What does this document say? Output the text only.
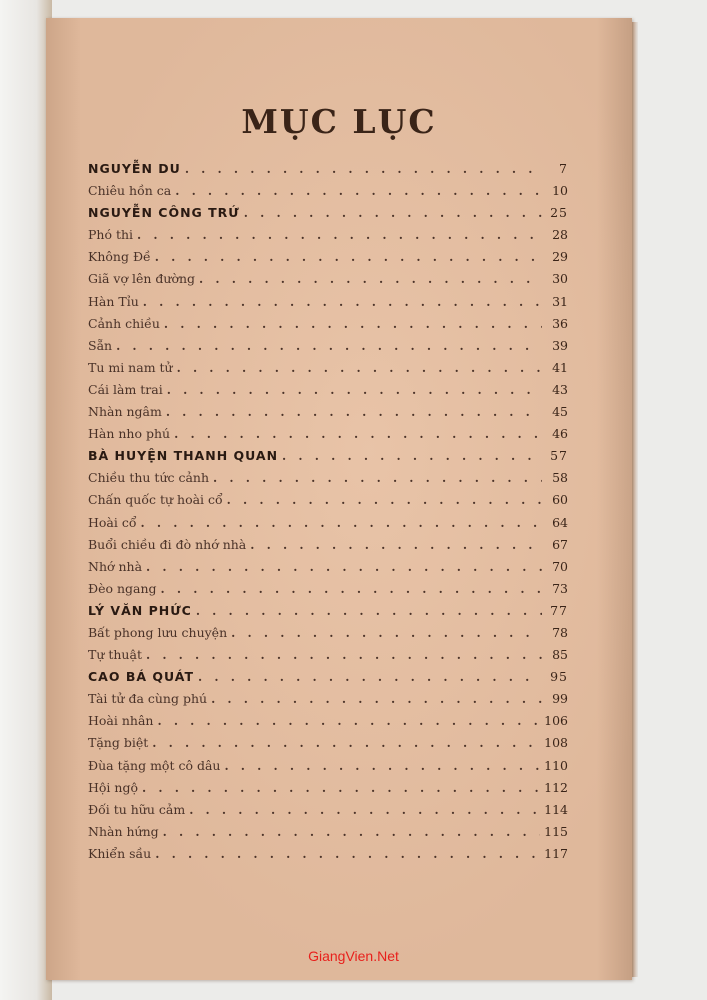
MỤC LỤC
NGUYỄN DU . . .	7
Chiêu hồn ca . . .	10
NGUYỄN CÔNG TRỨ . . .	25
Phó thi . . .	28
Không Đề . . .	29
Giã vợ lên đường . . .	30
Hàn Tỉu . . .	31
Cảnh chiều . . .	36
Sẵn . . .	39
Tu mi nam tử . . .	41
Cái làm trai . . .	43
Nhàn ngâm . . .	45
Hàn nho phú . . .	46
BÀ HUYỆN THANH QUAN . . .	57
Chiều thu tức cảnh . . .	58
Chấn quốc tự hoài cổ . . .	60
Hoài cổ . . .	64
Buổi chiều đi đò nhớ nhà . . .	67
Nhớ nhà . . .	70
Đèo ngang . . .	73
LÝ VĂN PHỨC . . .	77
Bất phong lưu chuyện . . .	78
Tự thuật . . .	85
CAO BÁ QUÁT . . .	95
Tài tử đa cùng phú . . .	99
Hoài nhân . . .	106
Tặng biệt . . .	108
Đùa tặng một cô dâu . . .	110
Hội ngộ . . .	112
Đối tu hữu cảm . . .	114
Nhàn hứng . . .	115
Khiển sầu . . .	117
GiangVien.Net
